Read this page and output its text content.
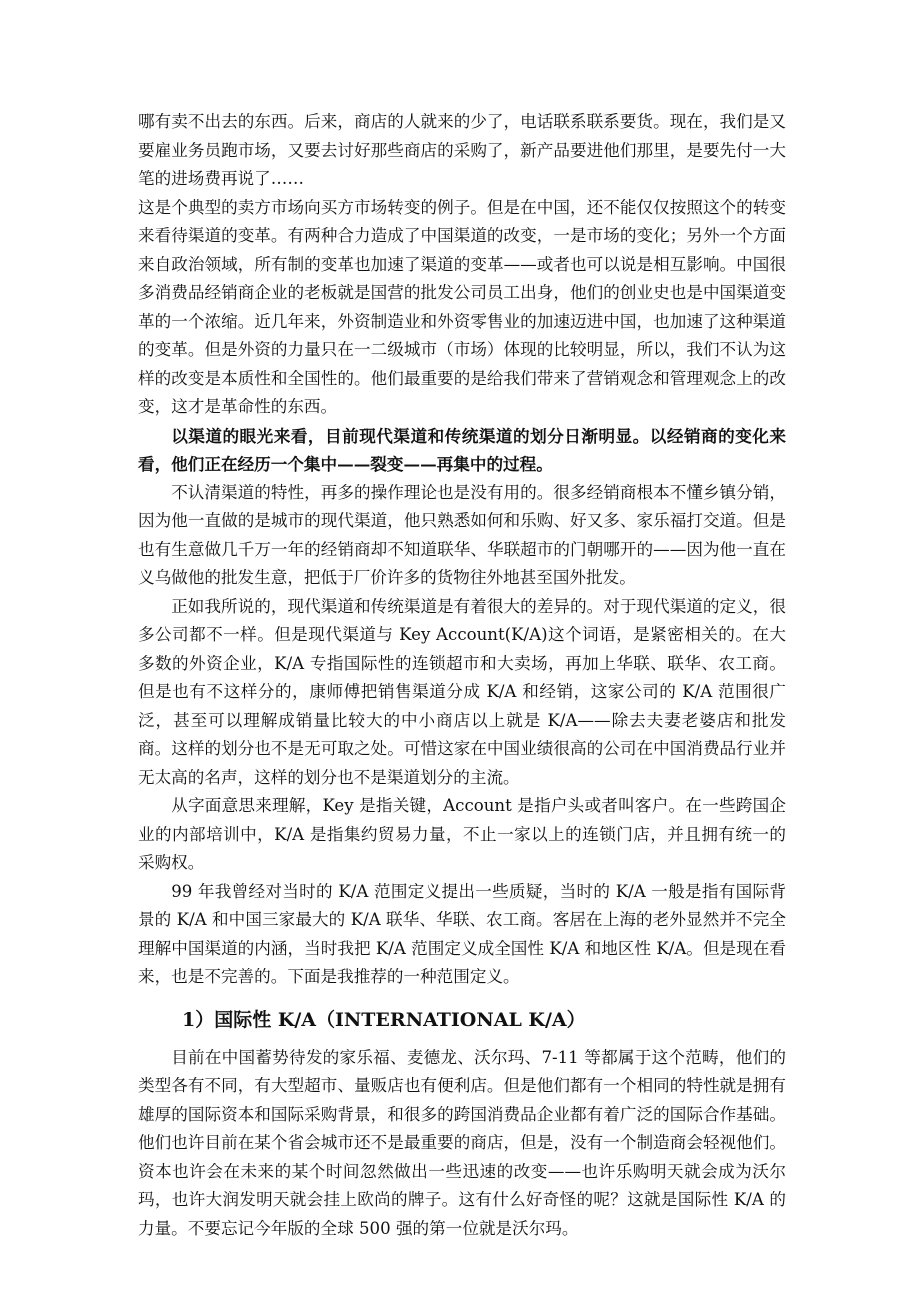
哪有卖不出去的东西。后来，商店的人就来的少了，电话联系联系要货。现在，我们是又要雇业务员跑市场，又要去讨好那些商店的采购了，新产品要进他们那里，是要先付一大笔的进场费再说了……

这是个典型的卖方市场向买方市场转变的例子。但是在中国，还不能仅仅按照这个的转变来看待渠道的变革。有两种合力造成了中国渠道的改变，一是市场的变化；另外一个方面来自政治领域，所有制的变革也加速了渠道的变革——或者也可以说是相互影响。中国很多消费品经销商企业的老板就是国营的批发公司员工出身，他们的创业史也是中国渠道变革的一个浓缩。近几年来，外资制造业和外资零售业的加速迈进中国，也加速了这种渠道的变革。但是外资的力量只在一二级城市（市场）体现的比较明显，所以，我们不认为这样的改变是本质性和全国性的。他们最重要的是给我们带来了营销观念和管理观念上的改变，这才是革命性的东西。

以渠道的眼光来看，目前现代渠道和传统渠道的划分日渐明显。以经销商的变化来看，他们正在经历一个集中——裂变——再集中的过程。

不认清渠道的特性，再多的操作理论也是没有用的。很多经销商根本不懂乡镇分销，因为他一直做的是城市的现代渠道，他只熟悉如何和乐购、好又多、家乐福打交道。但是也有生意做几千万一年的经销商却不知道联华、华联超市的门朝哪开的——因为他一直在义乌做他的批发生意，把低于厂价许多的货物往外地甚至国外批发。

正如我所说的，现代渠道和传统渠道是有着很大的差异的。对于现代渠道的定义，很多公司都不一样。但是现代渠道与 Key Account(K/A)这个词语，是紧密相关的。在大多数的外资企业，K/A 专指国际性的连锁超市和大卖场，再加上华联、联华、农工商。但是也有不这样分的，康师傅把销售渠道分成 K/A 和经销，这家公司的 K/A 范围很广泛，甚至可以理解成销量比较大的中小商店以上就是 K/A——除去夫妻老婆店和批发商。这样的划分也不是无可取之处。可惜这家在中国业绩很高的公司在中国消费品行业并无太高的名声，这样的划分也不是渠道划分的主流。

从字面意思来理解，Key 是指关键，Account 是指户头或者叫客户。在一些跨国企业的内部培训中，K/A 是指集约贸易力量，不止一家以上的连锁门店，并且拥有统一的采购权。

99 年我曾经对当时的 K/A 范围定义提出一些质疑，当时的 K/A 一般是指有国际背景的 K/A 和中国三家最大的 K/A 联华、华联、农工商。客居在上海的老外显然并不完全理解中国渠道的内涵，当时我把 K/A 范围定义成全国性 K/A 和地区性 K/A。但是现在看来，也是不完善的。下面是我推荐的一种范围定义。

1）国际性 K/A（INTERNATIONAL K/A）

目前在中国蓄势待发的家乐福、麦德龙、沃尔玛、7-11 等都属于这个范畴，他们的类型各有不同，有大型超市、量贩店也有便利店。但是他们都有一个相同的特性就是拥有雄厚的国际资本和国际采购背景，和很多的跨国消费品企业都有着广泛的国际合作基础。他们也许目前在某个省会城市还不是最重要的商店，但是，没有一个制造商会轻视他们。资本也许会在未来的某个时间忽然做出一些迅速的改变——也许乐购明天就会成为沃尔玛，也许大润发明天就会挂上欧尚的牌子。这有什么好奇怪的呢？这就是国际性 K/A 的力量。不要忘记今年版的全球 500 强的第一位就是沃尔玛。
